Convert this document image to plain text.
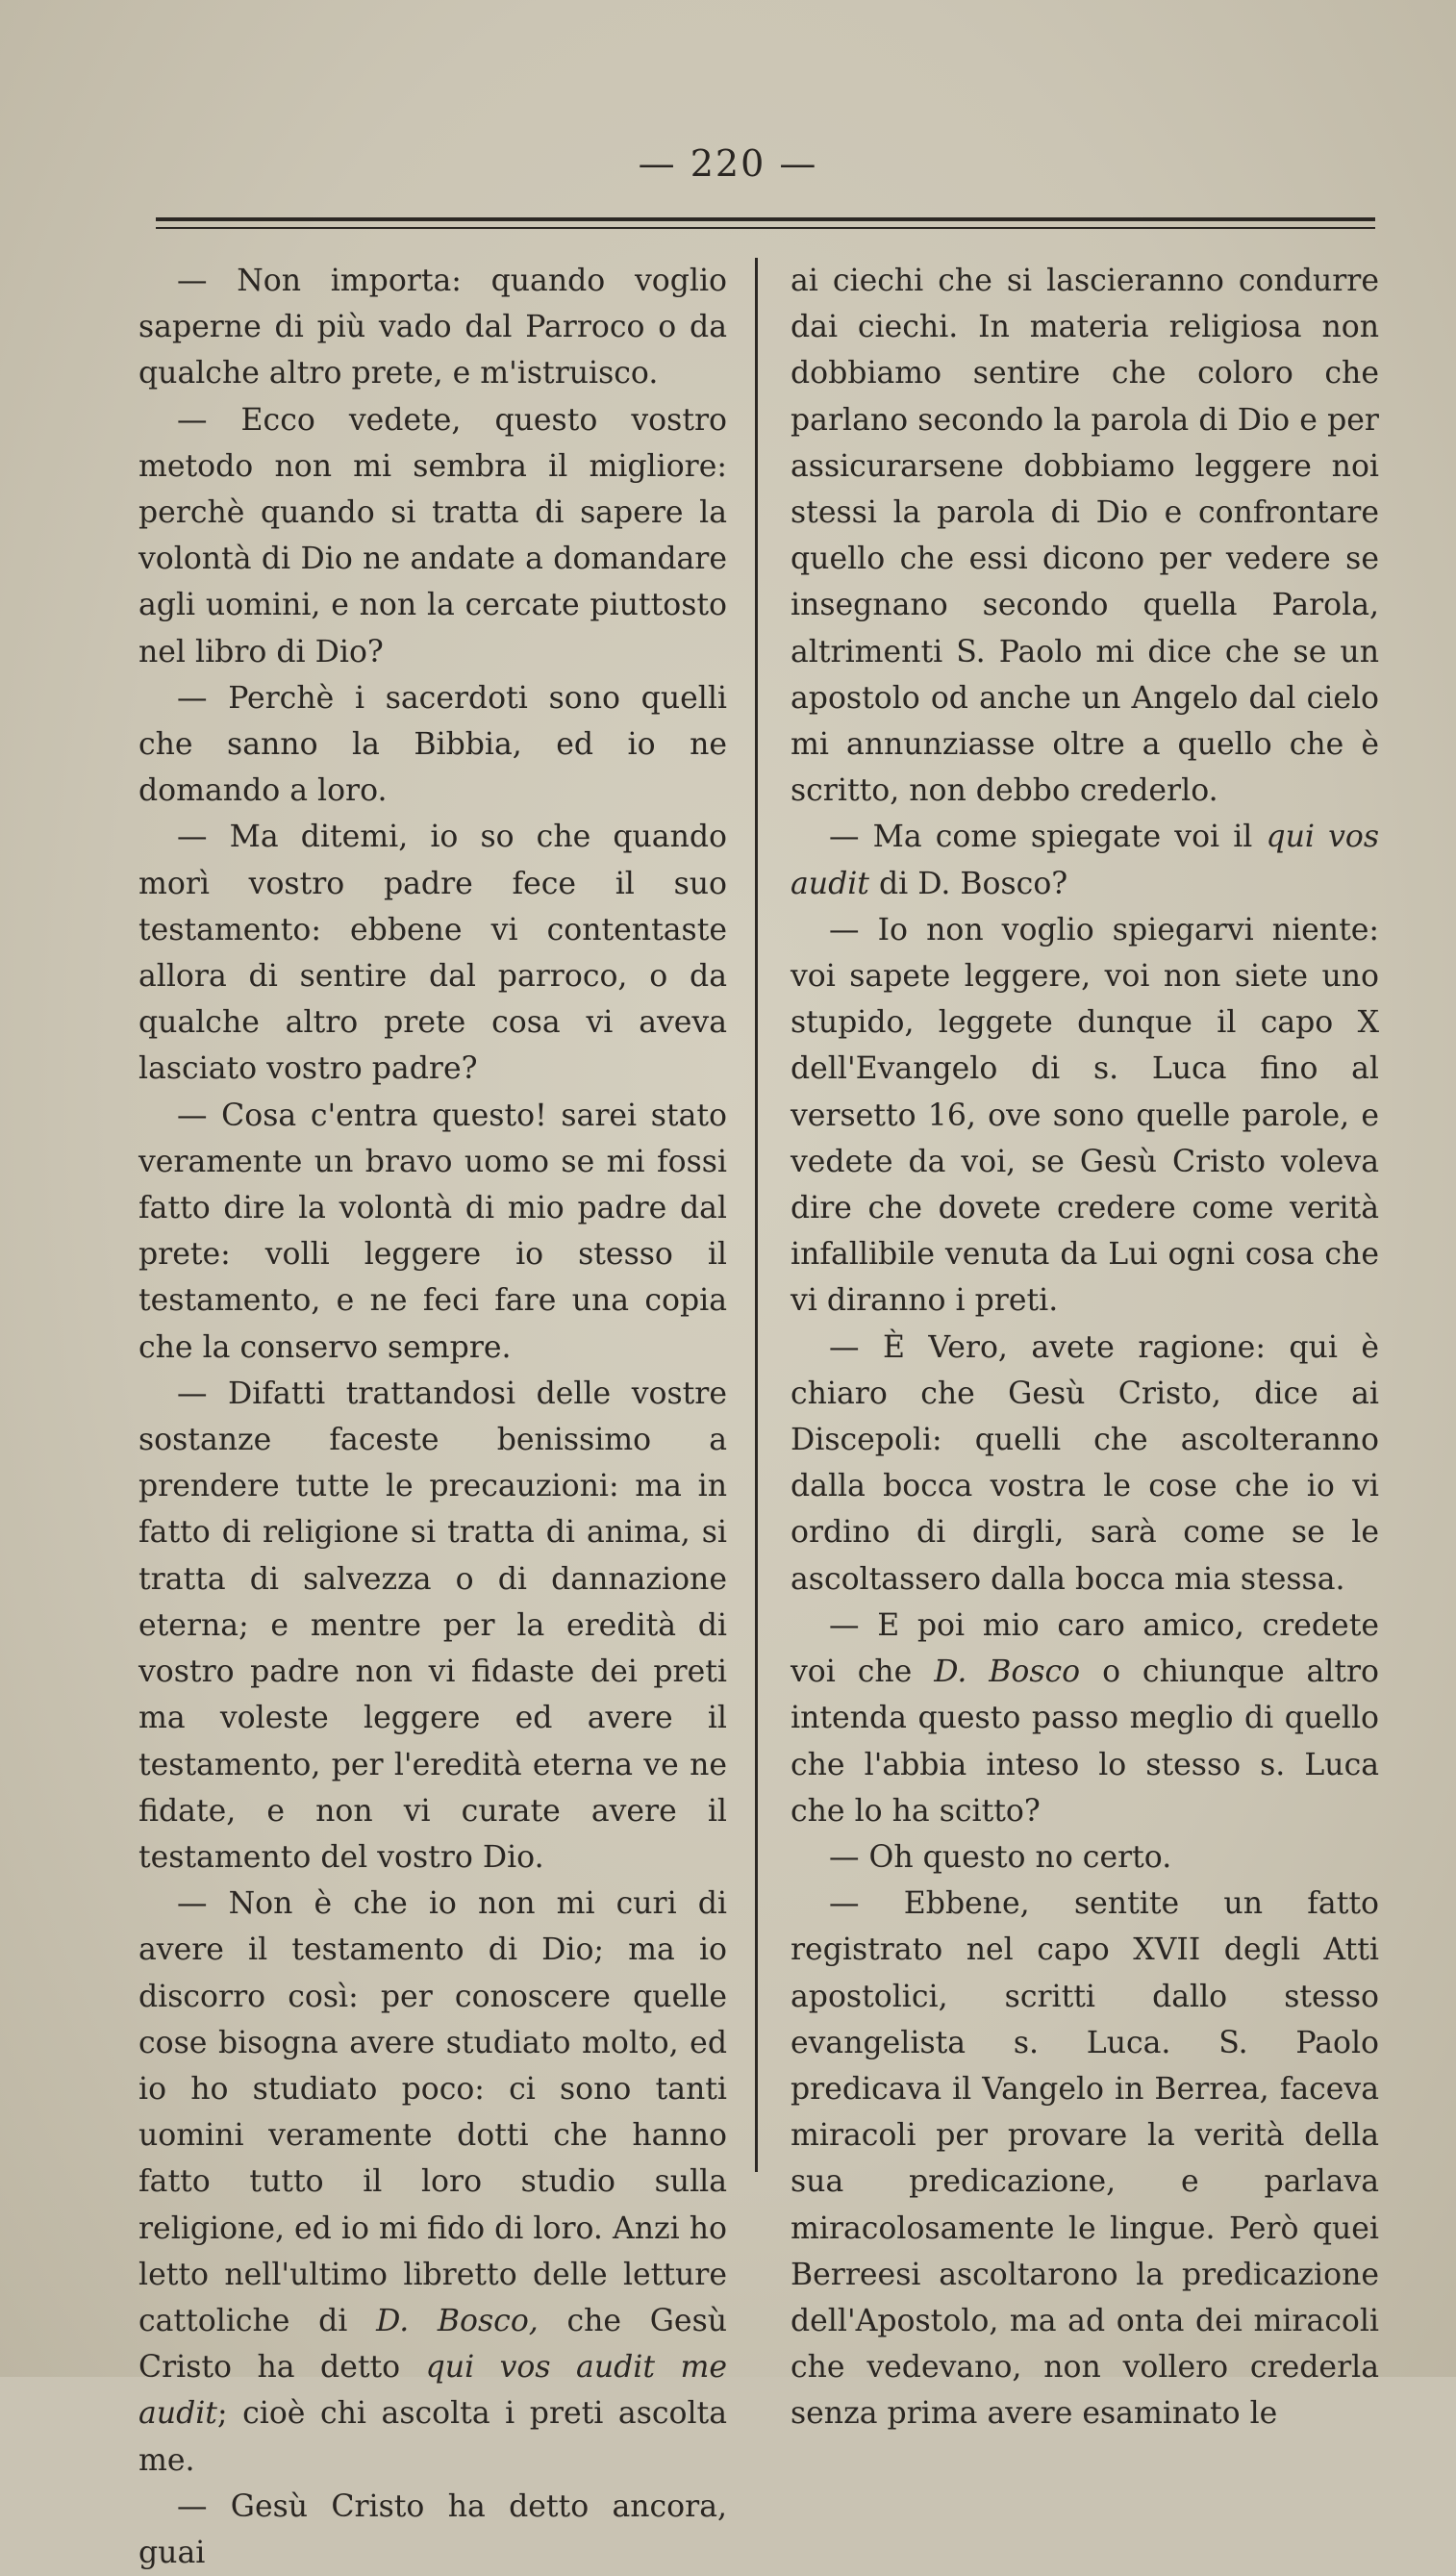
— 220 —

— Non importa: quando voglio saperne di più vado dal Parroco o da qualche altro prete, e m'istruisco.

— Ecco vedete, questo vostro metodo non mi sembra il migliore: perchè quando si tratta di sapere la volontà di Dio ne andate a domandare agli uomini, e non la cercate piuttosto nel libro di Dio?

— Perchè i sacerdoti sono quelli che sanno la Bibbia, ed io ne domando a loro.

— Ma ditemi, io so che quando morì vostro padre fece il suo testamento: ebbene vi contentaste allora di sentire dal parroco, o da qualche altro prete cosa vi aveva lasciato vostro padre?

— Cosa c'entra questo! sarei stato veramente un bravo uomo se mi fossi fatto dire la volontà di mio padre dal prete: volli leggere io stesso il testamento, e ne feci fare una copia che la conservo sempre.

— Difatti trattandosi delle vostre sostanze faceste benissimo a prendere tutte le precauzioni: ma in fatto di religione si tratta di anima, si tratta di salvezza o di dannazione eterna; e mentre per la eredità di vostro padre non vi fidaste dei preti ma voleste leggere ed avere il testamento, per l'eredità eterna ve ne fidate, e non vi curate avere il testamento del vostro Dio.

— Non è che io non mi curi di avere il testamento di Dio; ma io discorro così: per conoscere quelle cose bisogna avere studiato molto, ed io ho studiato poco: ci sono tanti uomini veramente dotti che hanno fatto tutto il loro studio sulla religione, ed io mi fido di loro. Anzi ho letto nell'ultimo libretto delle letture cattoliche di D. Bosco, che Gesù Cristo ha detto qui vos audit me audit; cioè chi ascolta i preti ascolta me.

— Gesù Cristo ha detto ancora, guai

ai ciechi che si lascieranno condurre dai ciechi. In materia religiosa non dobbiamo sentire che coloro che parlano secondo la parola di Dio e per assicurarsene dobbiamo leggere noi stessi la parola di Dio e confrontare quello che essi dicono per vedere se insegnano secondo quella Parola, altrimenti S. Paolo mi dice che se un apostolo od anche un Angelo dal cielo mi annunziasse oltre a quello che è scritto, non debbo crederlo.

— Ma come spiegate voi il qui vos audit di D. Bosco?

— Io non voglio spiegarvi niente: voi sapete leggere, voi non siete uno stupido, leggete dunque il capo X dell'Evangelo di s. Luca fino al versetto 16, ove sono quelle parole, e vedete da voi, se Gesù Cristo voleva dire che dovete credere come verità infallibile venuta da Lui ogni cosa che vi diranno i preti.

— È Vero, avete ragione: qui è chiaro che Gesù Cristo, dice ai Discepoli: quelli che ascolteranno dalla bocca vostra le cose che io vi ordino di dirgli, sarà come se le ascoltassero dalla bocca mia stessa.

— E poi mio caro amico, credete voi che D. Bosco o chiunque altro intenda questo passo meglio di quello che l'abbia inteso lo stesso s. Luca che lo ha scitto?

— Oh questo no certo.

— Ebbene, sentite un fatto registrato nel capo XVII degli Atti apostolici, scritti dallo stesso evangelista s. Luca. S. Paolo predicava il Vangelo in Berrea, faceva miracoli per provare la verità della sua predicazione, e parlava miracolosamente le lingue. Però quei Berreesi ascoltarono la predicazione dell'Apostolo, ma ad onta dei miracoli che vedevano, non vollero crederla senza prima avere esaminato le
